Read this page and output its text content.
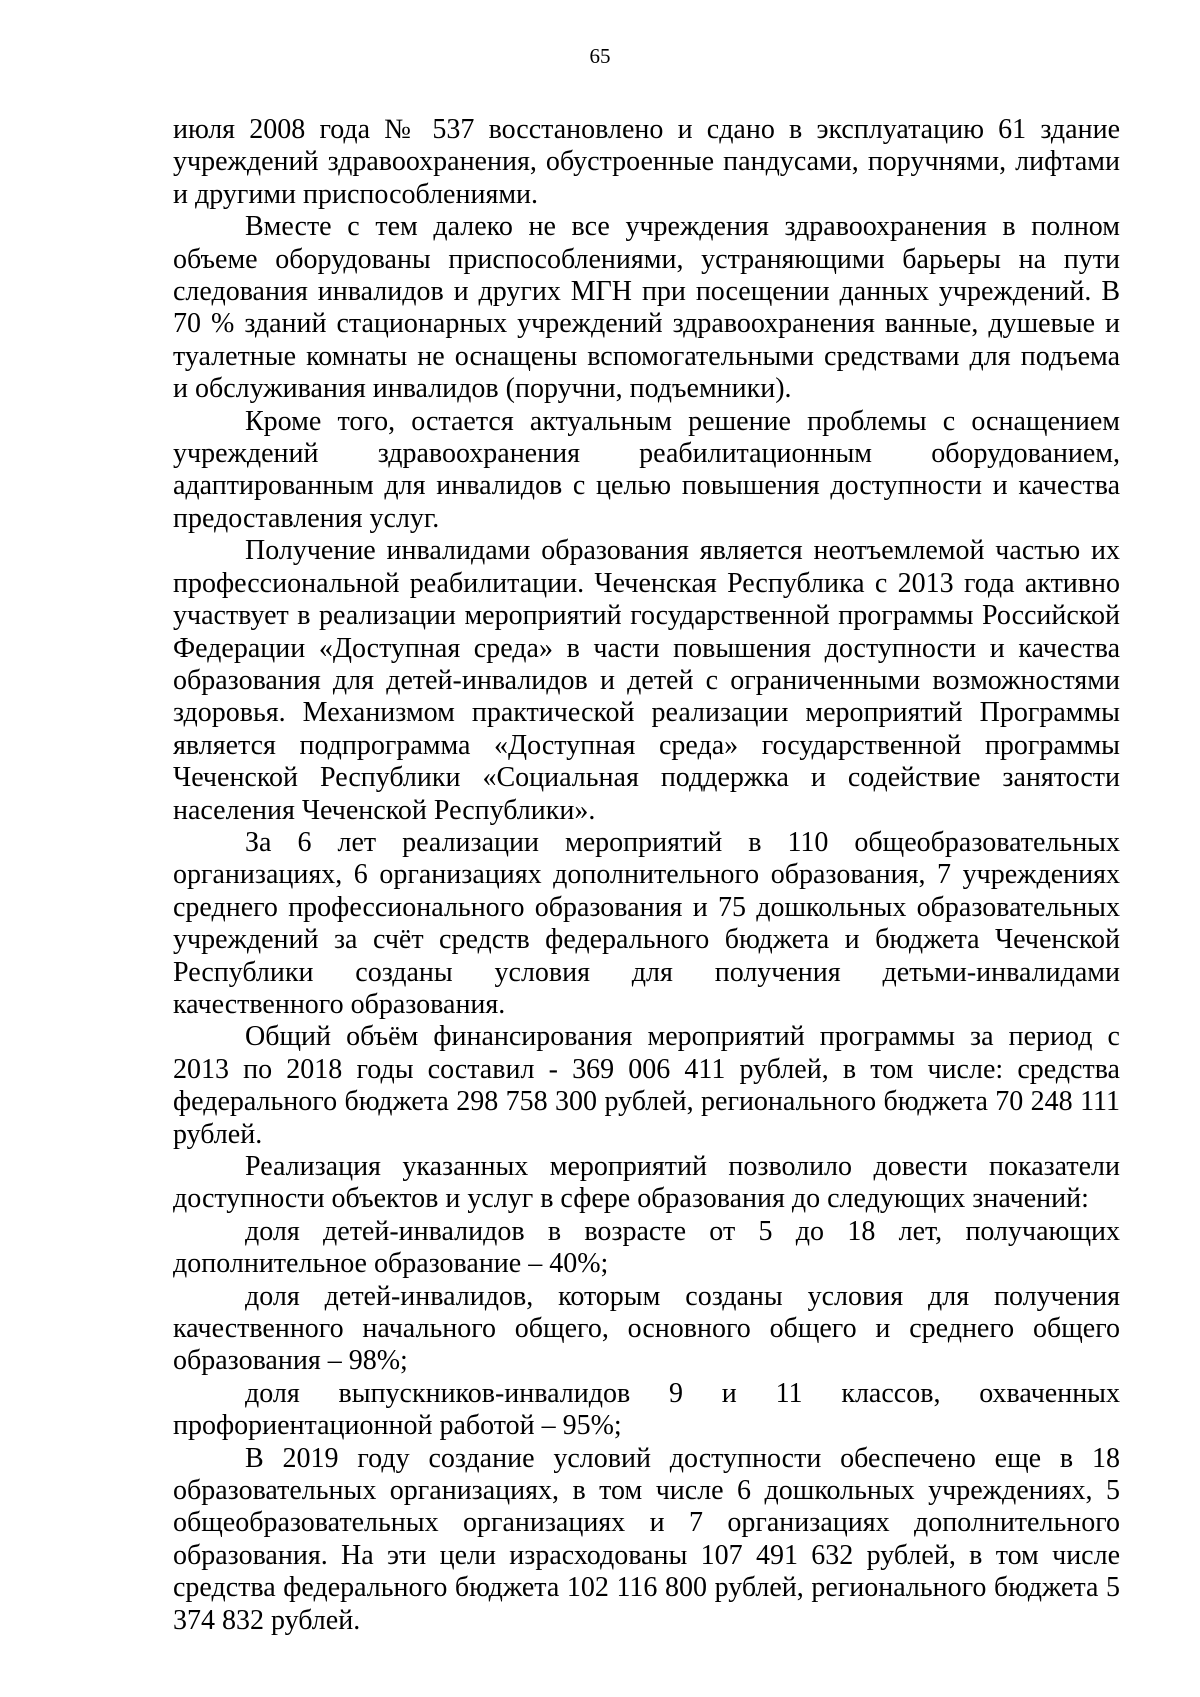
65

июля 2008 года № 537 восстановлено и сдано в эксплуатацию 61 здание учреждений здравоохранения, обустроенные пандусами, поручнями, лифтами и другими приспособлениями.

Вместе с тем далеко не все учреждения здравоохранения в полном объеме оборудованы приспособлениями, устраняющими барьеры на пути следования инвалидов и других МГН при посещении данных учреждений. В 70 % зданий стационарных учреждений здравоохранения ванные, душевые и туалетные комнаты не оснащены вспомогательными средствами для подъема и обслуживания инвалидов (поручни, подъемники).

Кроме того, остается актуальным решение проблемы с оснащением учреждений здравоохранения реабилитационным оборудованием, адаптированным для инвалидов с целью повышения доступности и качества предоставления услуг.

Получение инвалидами образования является неотъемлемой частью их профессиональной реабилитации. Чеченская Республика с 2013 года активно участвует в реализации мероприятий государственной программы Российской Федерации «Доступная среда» в части повышения доступности и качества образования для детей-инвалидов и детей с ограниченными возможностями здоровья. Механизмом практической реализации мероприятий Программы является подпрограмма «Доступная среда» государственной программы Чеченской Республики «Социальная поддержка и содействие занятости населения Чеченской Республики».

За 6 лет реализации мероприятий в 110 общеобразовательных организациях, 6 организациях дополнительного образования, 7 учреждениях среднего профессионального образования и 75 дошкольных образовательных учреждений за счёт средств федерального бюджета и бюджета Чеченской Республики созданы условия для получения детьми-инвалидами качественного образования.

Общий объём финансирования мероприятий программы за период с 2013 по 2018 годы составил - 369 006 411 рублей, в том числе: средства федерального бюджета 298 758 300 рублей, регионального бюджета 70 248 111 рублей.

Реализация указанных мероприятий позволило довести показатели доступности объектов и услуг в сфере образования до следующих значений:

доля детей-инвалидов в возрасте от 5 до 18 лет, получающих дополнительное образование – 40%;

доля детей-инвалидов, которым созданы условия для получения качественного начального общего, основного общего и среднего общего образования – 98%;

доля выпускников-инвалидов 9 и 11 классов, охваченных профориентационной работой – 95%;

В 2019 году создание условий доступности обеспечено еще в 18 образовательных организациях, в том числе 6 дошкольных учреждениях, 5 общеобразовательных организациях и 7 организациях дополнительного образования. На эти цели израсходованы 107 491 632 рублей, в том числе средства федерального бюджета 102 116 800 рублей, регионального бюджета 5 374 832 рублей.
